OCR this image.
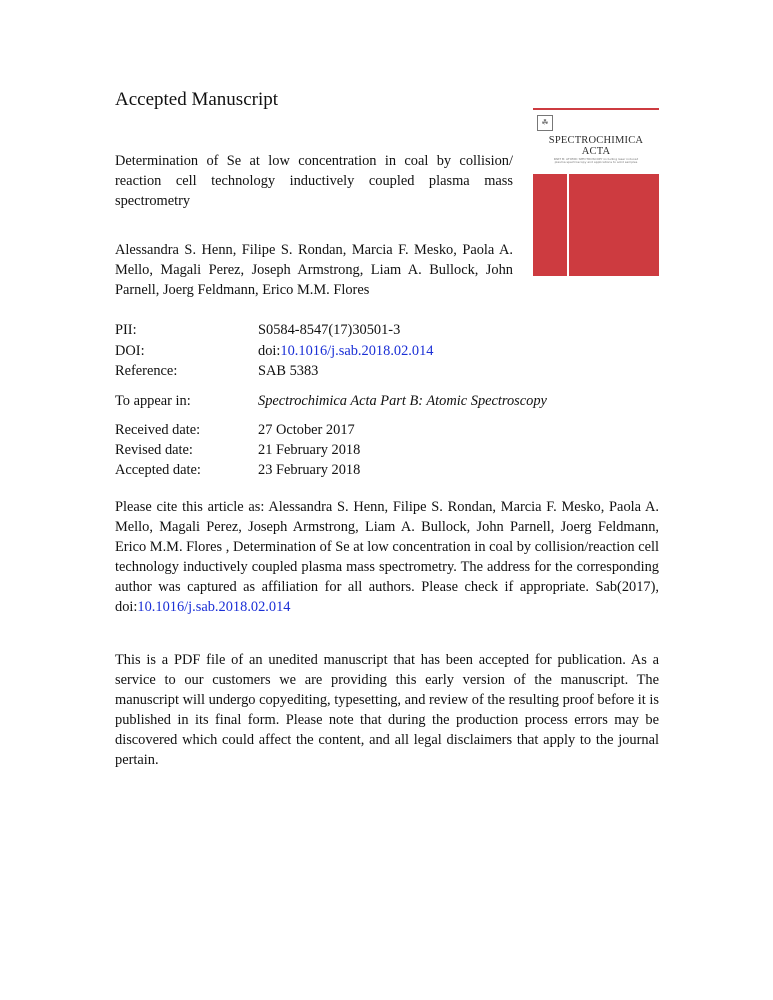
Accepted Manuscript
Determination of Se at low concentration in coal by collision/ reaction cell technology inductively coupled plasma mass spectrometry
Alessandra S. Henn, Filipe S. Rondan, Marcia F. Mesko, Paola A. Mello, Magali Perez, Joseph Armstrong, Liam A. Bullock, John Parnell, Joerg Feldmann, Erico M.M. Flores
☘
SPECTROCHIMICA
ACTA
PART B: ATOMIC SPECTROSCOPY including laser induced plasma spectroscopy and applications to solid samples
PII:	S0584-8547(17)30501-3
DOI:	doi:10.1016/j.sab.2018.02.014
Reference:	SAB 5383
To appear in:	Spectrochimica Acta Part B: Atomic Spectroscopy
Received date:	27 October 2017
Revised date:	21 February 2018
Accepted date:	23 February 2018
Please cite this article as: Alessandra S. Henn, Filipe S. Rondan, Marcia F. Mesko, Paola A. Mello, Magali Perez, Joseph Armstrong, Liam A. Bullock, John Parnell, Joerg Feldmann, Erico M.M. Flores , Determination of Se at low concentration in coal by collision/reaction cell technology inductively coupled plasma mass spectrometry. The address for the corresponding author was captured as affiliation for all authors. Please check if appropriate. Sab(2017), doi:10.1016/j.sab.2018.02.014
This is a PDF file of an unedited manuscript that has been accepted for publication. As a service to our customers we are providing this early version of the manuscript. The manuscript will undergo copyediting, typesetting, and review of the resulting proof before it is published in its final form. Please note that during the production process errors may be discovered which could affect the content, and all legal disclaimers that apply to the journal pertain.
